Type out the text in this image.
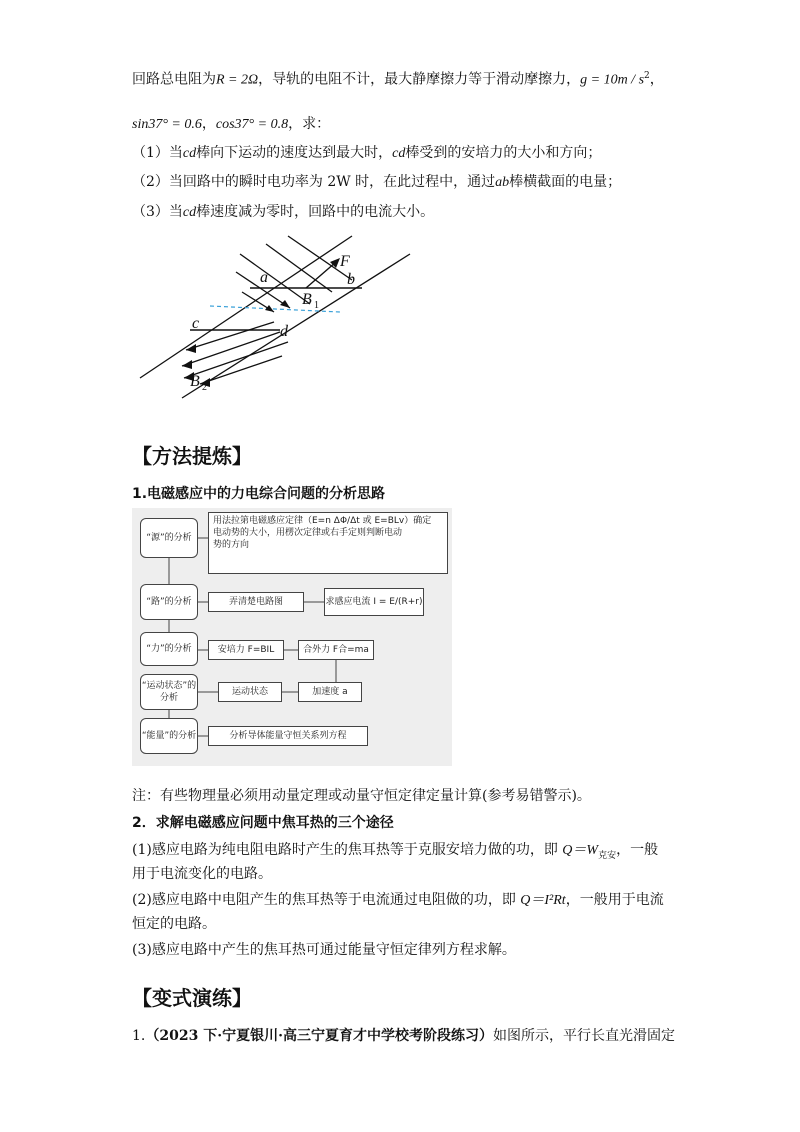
回路总电阻为R = 2Ω，导轨的电阻不计，最大静摩擦力等于滑动摩擦力，$g = 10m / s^2$，
sin37° = 0.6，cos37° = 0.8，求：
（1）当cd棒向下运动的速度达到最大时，cd棒受到的安培力的大小和方向；
（2）当回路中的瞬时电功率为 2W 时，在此过程中，通过ab棒横截面的电量；
（3）当cd棒速度减为零时，回路中的电流大小。
a	b
F
B 1
c	d
B 2
【方法提炼】
1.电磁感应中的力电综合问题的分析思路
“源”的分析
用法拉第电磁感应定律（E=n ΔΦ/Δt 或 E=BLv）确定
电动势的大小，用楞次定律或右手定则判断电动
势的方向
“路”的分析	弄清楚电路图	求感应电流 I = E/(R+r)
“力”的分析	安培力 F=BIL	合外力 F合=ma
“运动状态”的分析
运动状态	加速度 a
“能量”的分析	分析导体能量守恒关系列方程
注：有些物理量必须用动量定理或动量守恒定律定量计算(参考易错警示)。
2．求解电磁感应问题中焦耳热的三个途径
(1)感应电路为纯电阻电路时产生的焦耳热等于克服安培力做的功，即 $Q=W_{克安}$，一般
用于电流变化的电路。
(2)感应电路中电阻产生的焦耳热等于电流通过电阻做的功，即 Q＝I²Rt，一般用于电流
恒定的电路。
(3)感应电路中产生的焦耳热可通过能量守恒定律列方程求解。
【变式演练】
1.（2023 下·宁夏银川·高三宁夏育才中学校考阶段练习）如图所示，平行长直光滑固定
